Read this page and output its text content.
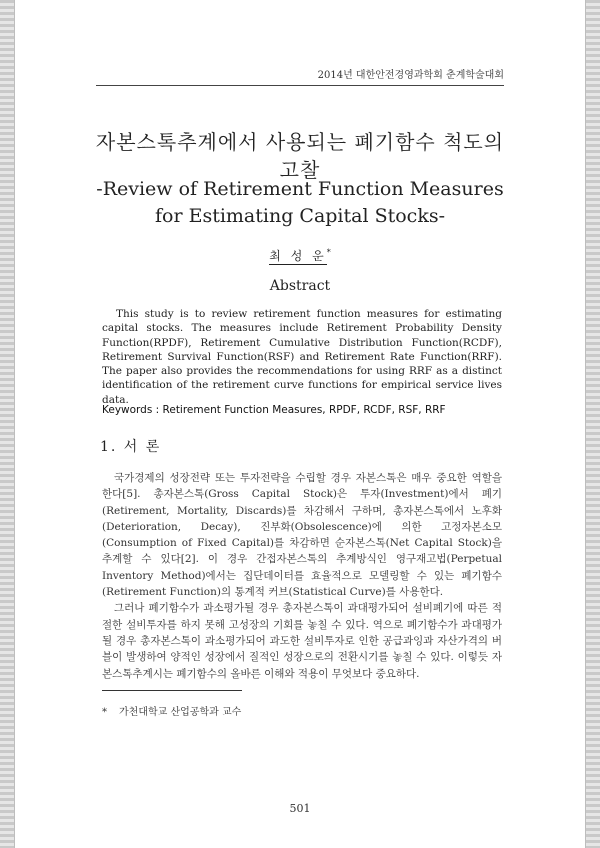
2014년 대한안전경영과학회 춘계학술대회
자본스톡추계에서 사용되는 폐기함수 척도의
고찰
-Review of Retirement Function Measures
for Estimating Capital Stocks-
최 성 운*
Abstract
This study is to review retirement function measures for estimating capital stocks. The measures include Retirement Probability Density Function(RPDF), Retirement Cumulative Distribution Function(RCDF), Retirement Survival Function(RSF) and Retirement Rate Function(RRF). The paper also provides the recommendations for using RRF as a distinct identification of the retirement curve functions for empirical service lives data.
Keywords : Retirement Function Measures, RPDF, RCDF, RSF, RRF
1. 서 론

국가경제의 성장전략 또는 투자전략을 수립할 경우 자본스톡은 매우 중요한 역할을 한다[5]. 총자본스톡(Gross Capital Stock)은 투자(Investment)에서 폐기(Retirement, Mortality, Discards)를 차감해서 구하며, 총자본스톡에서 노후화(Deterioration, Decay), 진부화(Obsolescence)에 의한 고정자본소모(Consumption of Fixed Capital)를 차감하면 순자본스톡(Net Capital Stock)을 추계할 수 있다[2]. 이 경우 간접자본스톡의 추계방식인 영구재고법(Perpetual Inventory Method)에서는 집단데이터를 효율적으로 모델링할 수 있는 폐기함수(Retirement Function)의 통계적 커브(Statistical Curve)를 사용한다.

그러나 폐기함수가 과소평가될 경우 총자본스톡이 과대평가되어 설비폐기에 따른 적절한 설비투자를 하지 못해 고성장의 기회를 놓칠 수 있다. 역으로 폐기함수가 과대평가될 경우 총자본스톡이 과소평가되어 과도한 설비투자로 인한 공급과잉과 자산가격의 버블이 발생하여 양적인 성장에서 질적인 성장으로의 전환시기를 놓칠 수 있다. 이렇듯 자본스톡추계시는 폐기함수의 올바른 이해와 적용이 무엇보다 중요하다.

* 가천대학교 산업공학과 교수
501
